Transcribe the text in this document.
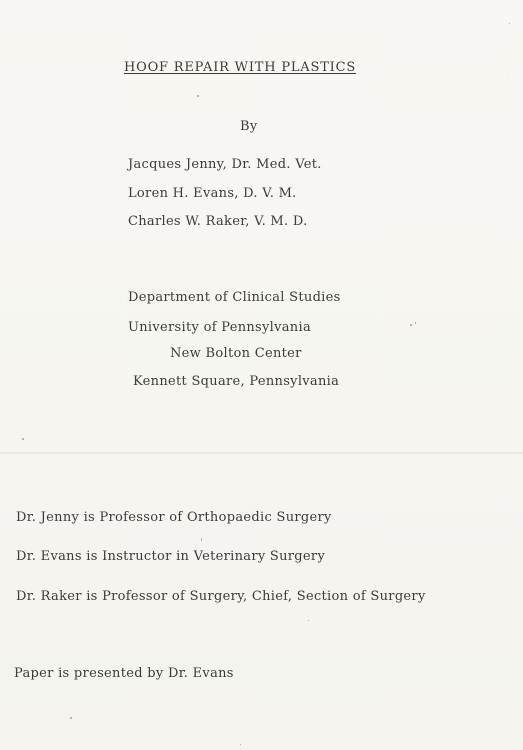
HOOF REPAIR WITH PLASTICS
By
Jacques Jenny, Dr. Med. Vet.
Loren H. Evans, D. V. M.
Charles W. Raker, V. M. D.
Department of Clinical Studies
University of Pennsylvania
New Bolton Center
Kennett Square, Pennsylvania
Dr. Jenny is Professor of Orthopaedic Surgery
Dr. Evans is Instructor in Veterinary Surgery
Dr. Raker is Professor of Surgery, Chief, Section of Surgery
Paper is presented by Dr. Evans
